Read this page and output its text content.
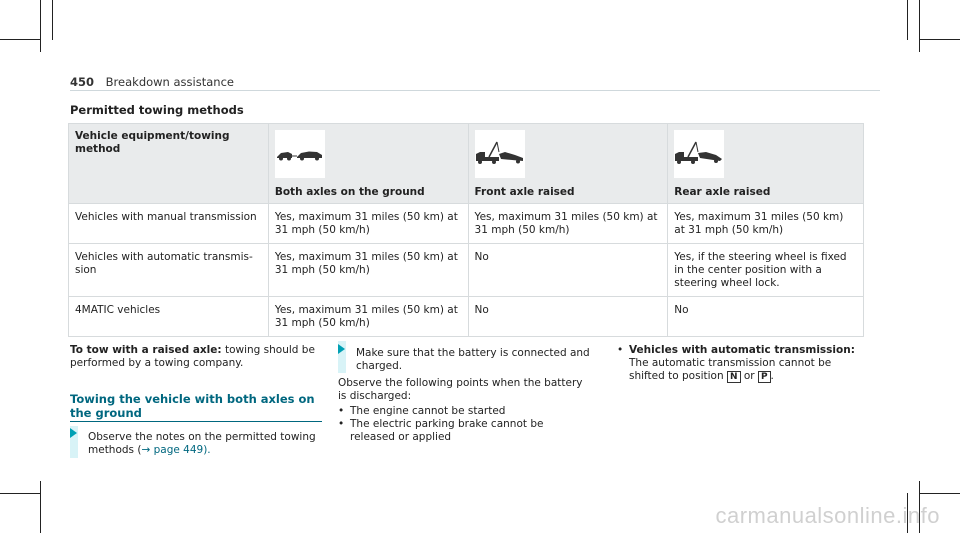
450 Breakdown assistance
Permitted towing methods
Vehicle equipment/towing method	Both axles on the ground	Front axle raised	Rear axle raised
Vehicles with manual transmission	Yes, maximum 31 miles (50 km) at 31 mph (50 km/h)	Yes, maximum 31 miles (50 km) at 31 mph (50 km/h)	Yes, maximum 31 miles (50 km) at 31 mph (50 km/h)
Vehicles with automatic transmis- sion	Yes, maximum 31 miles (50 km) at 31 mph (50 km/h)	No	Yes, if the steering wheel is fixed in the center position with a steering wheel lock.
4MATIC vehicles	Yes, maximum 31 miles (50 km) at 31 mph (50 km/h)	No	No
To tow with a raised axle: towing should be performed by a towing company.
Towing the vehicle with both axles on the ground
Observe the notes on the permitted towing methods (→ page 449).
Make sure that the battery is connected and charged.
Observe the following points when the battery is discharged:
• The engine cannot be started
• The electric parking brake cannot be released or applied
• Vehicles with automatic transmission:
The automatic transmission cannot be shifted to position N or P .
carmanualsonline.info
